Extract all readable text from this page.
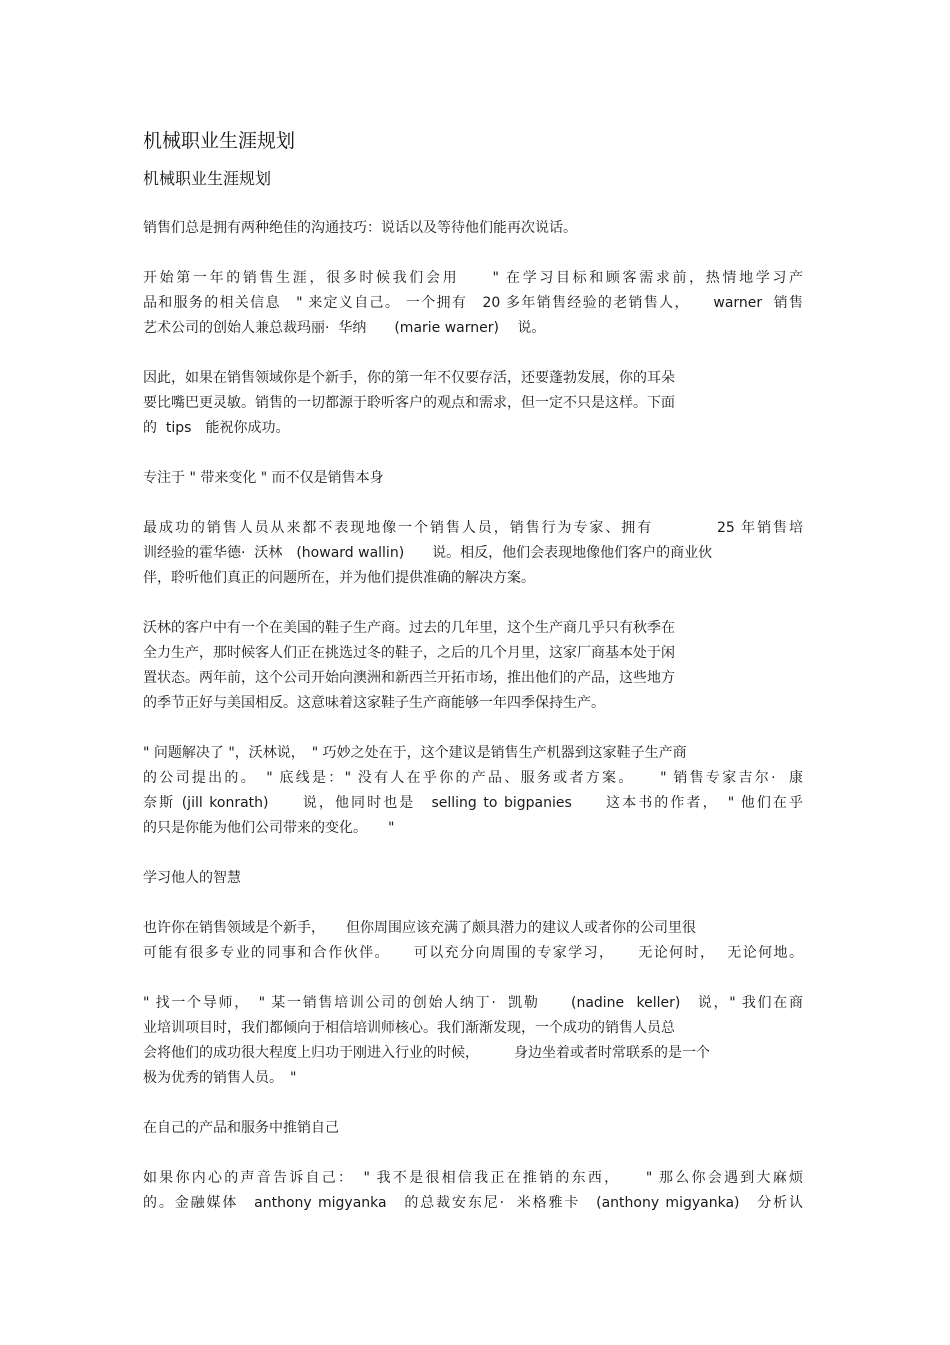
机械职业生涯规划
机械职业生涯规划
销售们总是拥有两种绝佳的沟通技巧：说话以及等待他们能再次说话。
开始第一年的销售生涯，很多时候我们会用　　" 在学习目标和顾客需求前，热情地学习产
品和服务的相关信息　" 来定义自己。 一个拥有　20 多年销售经验的老销售人，　　warner  销售
艺术公司的创始人兼总裁玛丽·  华纳　　(marie warner)　 说。
因此，如果在销售领域你是个新手，你的第一年不仅要存活，还要蓬勃发展，你的耳朵
要比嘴巴更灵敏。销售的一切都源于聆听客户的观点和需求，但一定不只是这样。下面
的  tips　能祝你成功。
专注于 " 带来变化 " 而不仅是销售本身
最成功的销售人员从来都不表现地像一个销售人员，销售行为专家、拥有　　　　25 年销售培
训经验的霍华德·  沃林　(howard wallin)　　说。相反，他们会表现地像他们客户的商业伙
伴，聆听他们真正的问题所在，并为他们提供准确的解决方案。
沃林的客户中有一个在美国的鞋子生产商。过去的几年里，这个生产商几乎只有秋季在
全力生产，那时候客人们正在挑选过冬的鞋子，之后的几个月里，这家厂商基本处于闲
置状态。两年前，这个公司开始向澳洲和新西兰开拓市场，推出他们的产品，这些地方
的季节正好与美国相反。这意味着这家鞋子生产商能够一年四季保持生产。
" 问题解决了 "，沃林说，　" 巧妙之处在于，这个建议是销售生产机器到这家鞋子生产商
的公司提出的。　" 底线是：" 没有人在乎你的产品、服务或者方案。　　" 销售专家吉尔·  康
奈斯 (jill konrath)　　说，他同时也是　selling to bigpanies　　这本书的作者，　" 他们在乎
的只是你能为他们公司带来的变化。　　"
学习他人的智慧
也许你在销售领域是个新手，　　但你周围应该充满了颇具潜力的建议人或者你的公司里很
可能有很多专业的同事和合作伙伴。　　可以充分向周围的专家学习，　　无论何时，  无论何地。
" 找一个导师，　" 某一销售培训公司的创始人纳丁·  凯勒　　(nadine  keller)　说，" 我们在商
业培训项目时，我们都倾向于相信培训师核心。我们渐渐发现，一个成功的销售人员总
会将他们的成功很大程度上归功于刚进入行业的时候，　　　身边坐着或者时常联系的是一个
极为优秀的销售人员。　"
在自己的产品和服务中推销自己
如果你内心的声音告诉自己：　" 我不是很相信我正在推销的东西，　　" 那么你会遇到大麻烦
的。金融媒体　anthony migyanka　的总裁安东尼·  米格雅卡　(anthony migyanka)　分析认
